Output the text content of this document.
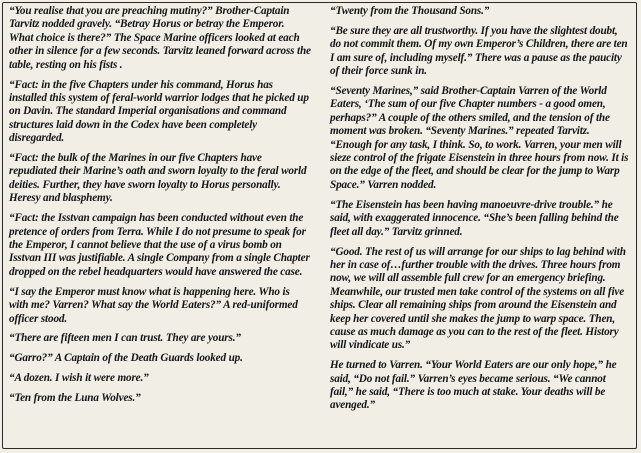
“You realise that you are preaching mutiny?” Brother-Captain Tarvitz nodded gravely. “Betray Horus or betray the Emperor. What choice is there?” The Space Marine officers looked at each other in silence for a few seconds. Tarvitz leaned forward across the table, resting on his fists .

“Fact: in the five Chapters under his command, Horus has installed this system of feral-world warrior lodges that he picked up on Davin. The standard Imperial organisations and command structures laid down in the Codex have been completely disregarded.

“Fact: the bulk of the Marines in our five Chapters have repudiated their Marine’s oath and sworn loyalty to the feral world deities. Further, they have sworn loyalty to Horus personally. Heresy and blasphemy.

“Fact: the Isstvan campaign has been conducted without even the pretence of orders from Terra. While I do not presume to speak for the Emperor, I cannot believe that the use of a virus bomb on Isstvan III was justifiable. A single Company from a single Chapter dropped on the rebel headquarters would have answered the case.

“I say the Emperor must know what is happening here. Who is with me? Varren? What say the World Eaters?” A red-uniformed officer stood.

“There are fifteen men I can trust. They are yours.”

“Garro?” A Captain of the Death Guards looked up.

“A dozen. I wish it were more.”

“Ten from the Luna Wolves.”

“Twenty from the Thousand Sons.”

“Be sure they are all trustworthy. If you have the slightest doubt, do not commit them. Of my own Emperor’s Children, there are ten I am sure of, including myself.” There was a pause as the paucity of their force sunk in.

“Seventy Marines,” said Brother-Captain Varren of the World Eaters, ‘The sum of our five Chapter numbers - a good omen, perhaps?” A couple of the others smiled, and the tension of the moment was broken. “Seventy Marines.” repeated Tarvitz. “Enough for any task, I think. So, to work. Varren, your men will sieze control of the frigate Eisenstein in three hours from now. It is on the edge of the fleet, and should be clear for the jump to Warp Space.” Varren nodded.

“The Eisenstein has been having manoeuvre-drive trouble.” he said, with exaggerated innocence. “She’s been falling behind the fleet all day.” Tarvitz grinned.

“Good. The rest of us will arrange for our ships to lag behind with her in case of…further trouble with the drives. Three hours from now, we will all assemble full crew for an emergency briefing. Meanwhile, our trusted men take control of the systems on all five ships. Clear all remaining ships from around the Eisenstein and keep her covered until she makes the jump to warp space. Then, cause as much damage as you can to the rest of the fleet. History will vindicate us.”

He turned to Varren. “Your World Eaters are our only hope,” he said, “Do not fail.” Varren’s eyes became serious. “We cannot fail,” he said, “There is too much at stake. Your deaths will be avenged.”
